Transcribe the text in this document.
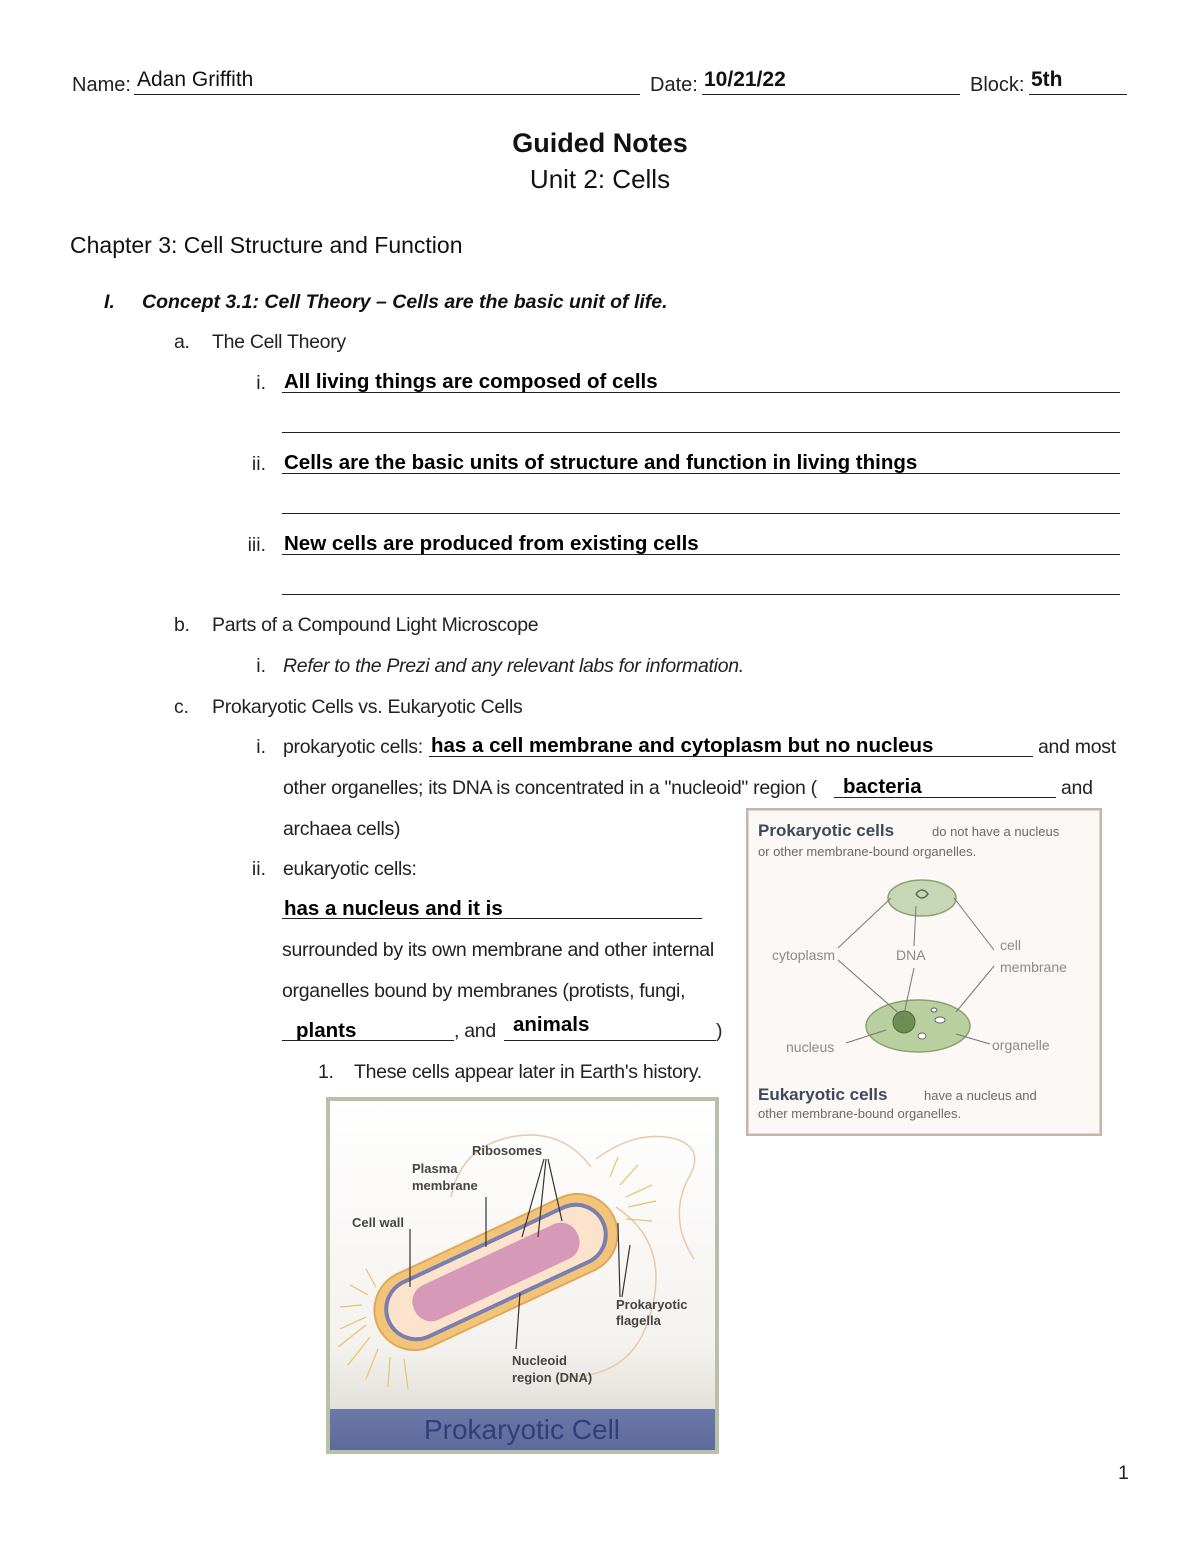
Name: Adan Griffith	Date: 10/21/22	Block: 5th
Guided Notes
Unit 2: Cells
Chapter 3: Cell Structure and Function
I. Concept 3.1: Cell Theory – Cells are the basic unit of life.
a. The Cell Theory
i. All living things are composed of cells
ii. Cells are the basic units of structure and function in living things
iii. New cells are produced from existing cells
b. Parts of a Compound Light Microscope
i. Refer to the Prezi and any relevant labs for information.
c. Prokaryotic Cells vs. Eukaryotic Cells
i. prokaryotic cells: has a cell membrane and cytoplasm but no nucleus	and most
other organelles; its DNA is concentrated in a "nucleoid" region ( bacteria	and
archaea cells)
ii. eukaryotic cells:
has a nucleus and it is
surrounded by its own membrane and other internal
organelles bound by membranes (protists, fungi,
plants	, and animals	)
1. These cells appear later in Earth's history.
Prokaryotic cells	do not have a nucleus
or other membrane-bound organelles.
cytoplasm	DNA
cell
membrane
nucleus	organelle
Eukaryotic cells	have a nucleus and
other membrane-bound organelles.
Ribosomes
Plasma
membrane
Cell wall
Prokaryotic
flagella
Nucleoid
region (DNA)
Prokaryotic Cell
1
